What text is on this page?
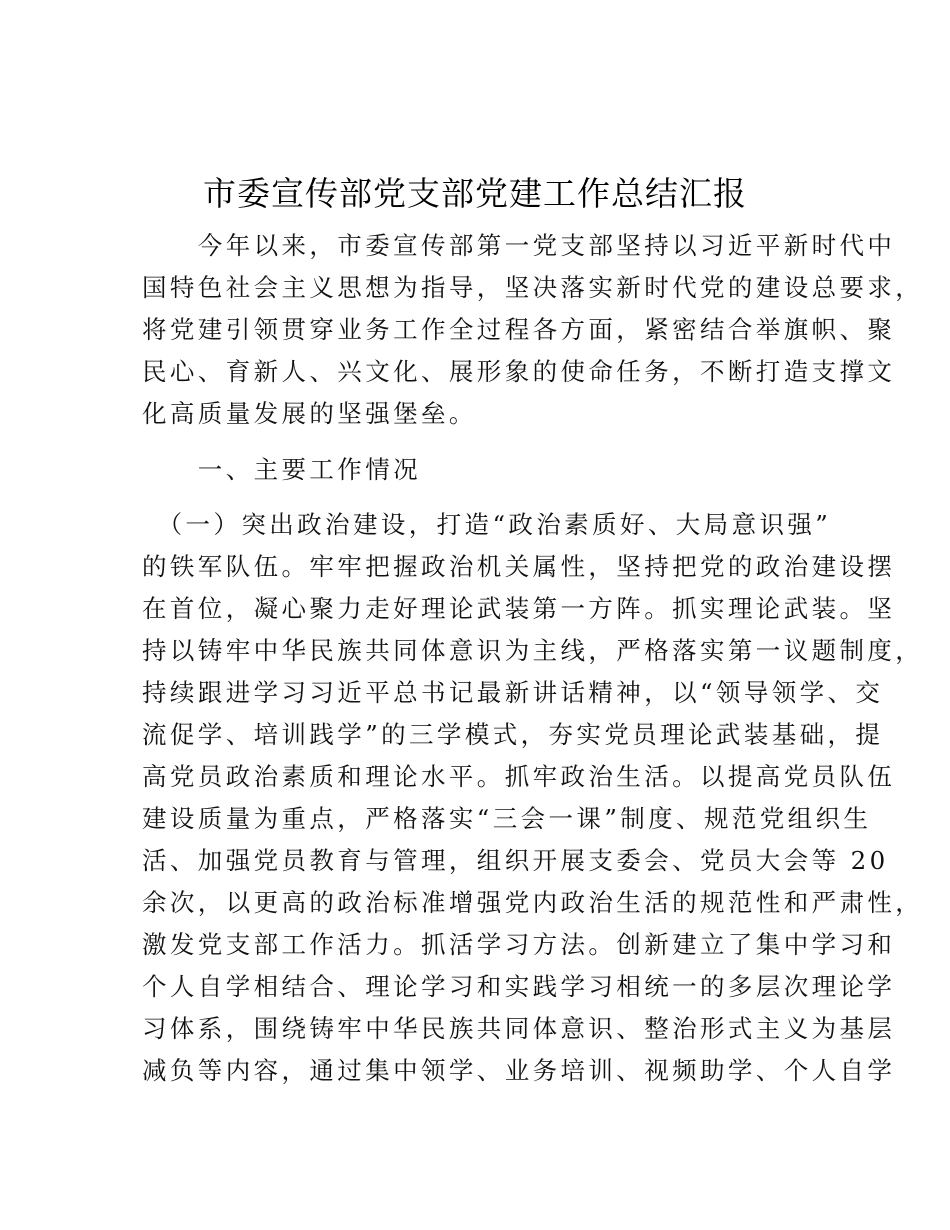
市委宣传部党支部党建工作总结汇报
　　今年以来，市委宣传部第一党支部坚持以习近平新时代中
国特色社会主义思想为指导，坚决落实新时代党的建设总要求，
将党建引领贯穿业务工作全过程各方面，紧密结合举旗帜、聚
民心、育新人、兴文化、展形象的使命任务，不断打造支撑文
化高质量发展的坚强堡垒。
　　一、主要工作情况
　（一）突出政治建设，打造“政治素质好、大局意识强”
的铁军队伍。牢牢把握政治机关属性，坚持把党的政治建设摆
在首位，凝心聚力走好理论武装第一方阵。抓实理论武装。坚
持以铸牢中华民族共同体意识为主线，严格落实第一议题制度，
持续跟进学习习近平总书记最新讲话精神，以“领导领学、交
流促学、培训践学”的三学模式，夯实党员理论武装基础，提
高党员政治素质和理论水平。抓牢政治生活。以提高党员队伍
建设质量为重点，严格落实“三会一课”制度、规范党组织生
活、加强党员教育与管理，组织开展支委会、党员大会等 20
余次，以更高的政治标准增强党内政治生活的规范性和严肃性，
激发党支部工作活力。抓活学习方法。创新建立了集中学习和
个人自学相结合、理论学习和实践学习相统一的多层次理论学
习体系，围绕铸牢中华民族共同体意识、整治形式主义为基层
减负等内容，通过集中领学、业务培训、视频助学、个人自学
